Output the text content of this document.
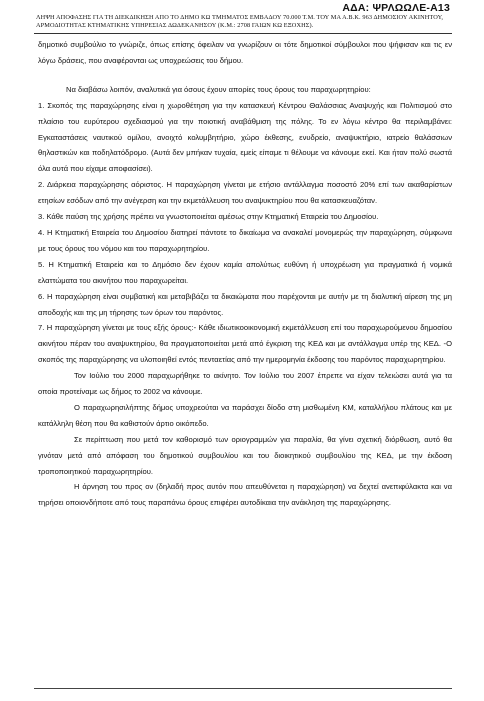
ΑΔΑ: ΨΡΛΩΩΛΕ-Α13
ΛΗΨΗ ΑΠΟΦΑΣΗΣ ΓΙΑ ΤΗ ΔΙΕΚΔΙΚΗΣΗ ΑΠΟ ΤΟ ΔΗΜΟ ΚΩ ΤΜΗΜΑΤΟΣ ΕΜΒΑΔΟΥ 70.000 Τ.Μ. ΤΟΥ ΜΑ Α.Β.Κ. 963 ΔΗΜΟΣΙΟΥ ΑΚΙΝΗΤΟΥ, ΑΡΜΟΔΙΟΤΗΤΑΣ ΚΤΗΜΑΤΙΚΗΣ ΥΠΗΡΕΣΙΑΣ ΔΩΔΕΚΑΝΗΣΟΥ (Κ.Μ.: 2708 ΓΑΙΩΝ ΚΩ ΕΞΟΧΗΣ).

δημοτικό συμβούλιο το γνώριζε, όπως επίσης όφειλαν να γνωρίζουν οι τότε δημοτικοί σύμβουλοι που ψήφισαν και τις εν λόγω δράσεις, που αναφέρονται ως υποχρεώσεις του δήμου.

Να διαβάσω λοιπόν, αναλυτικά για όσους έχουν απορίες τους όρους του παραχωρητηρίου:

1. Σκοπός της παραχώρησης είναι η χωροθέτηση για την κατασκευή Κέντρου Θαλάσσιας Αναψυχής και Πολιτισμού στο πλαίσιο του ευρύτερου σχεδιασμού για την ποιοτική αναβάθμιση της πόλης. Το εν λόγω κέντρο θα περιλαμβάνει: Εγκαταστάσεις ναυτικού ομίλου, ανοιχτό κολυμβητήριο, χώρο έκθεσης, ενυδρείο, αναψυκτήριο, ιατρείο θαλάσσιων θηλαστικών και ποδηλατόδρομο. (Αυτά δεν μπήκαν τυχαία, εμείς είπαμε τι θέλουμε να κάνουμε εκεί. Και ήταν πολύ σωστά όλα αυτά που είχαμε αποφασίσει).

2. Διάρκεια παραχώρησης αόριστος. Η παραχώρηση γίνεται με ετήσιο αντάλλαγμα ποσοστό 20% επί των ακαθαρίστων ετησίων εσόδων από την ανέγερση και την εκμετάλλευση του αναψυκτηρίου που θα κατασκευαζόταν.

3. Κάθε παύση της χρήσης πρέπει να γνωστοποιείται αμέσως στην Κτηματική Εταιρεία του Δημοσίου.

4. Η Κτηματική Εταιρεία του Δημοσίου διατηρεί πάντοτε το δικαίωμα να ανακαλεί μονομερώς την παραχώρηση, σύμφωνα με τους όρους του νόμου και του παραχωρητηρίου.

5. Η Κτηματική Εταιρεία και το Δημόσιο δεν έχουν καμία απολύτως ευθύνη ή υποχρέωση για πραγματικά ή νομικά ελαττώματα του ακινήτου που παραχωρείται.

6. Η παραχώρηση είναι συμβατική και μεταβιβάζει τα δικαιώματα που παρέχονται με αυτήν με τη διαλυτική αίρεση της μη αποδοχής και της μη τήρησης των όρων του παρόντος.

7. Η παραχώρηση γίνεται με τους εξής όρους:- Κάθε ιδιωτικοοικονομική εκμετάλλευση επί του παραχωρούμενου δημοσίου ακινήτου πέραν του αναψυκτηρίου, θα πραγματοποιείται μετά από έγκριση της ΚΕΔ και με αντάλλαγμα υπέρ της ΚΕΔ. -Ο σκοπός της παραχώρησης να υλοποιηθεί εντός πενταετίας από την ημερομηνία έκδοσης του παρόντος παραχωρητηρίου.

Τον Ιούλιο του 2000 παραχωρήθηκε το ακίνητο. Τον Ιούλιο του 2007 έπρεπε να είχαν τελειώσει αυτά για τα οποία προτείναμε ως δήμος το 2002 να κάνουμε.

Ο παραχωρησιλήπτης δήμος υποχρεούται να παράσχει δίοδο στη μισθωμένη ΚΜ, καταλλήλου πλάτους και με κατάλληλη θέση που θα καθιστούν άρτιο οικόπεδο.

Σε περίπτωση που μετά τον καθορισμό των οριογραμμών για παραλία, θα γίνει σχετική διόρθωση, αυτό θα γινόταν μετά από απόφαση του δημοτικού συμβουλίου και του διοικητικού συμβουλίου της ΚΕΔ, με την έκδοση τροποποιητικού παραχωρητηρίου.

Η άρνηση του προς ον (δηλαδή προς αυτόν που απευθύνεται η παραχώρηση) να δεχτεί ανεπιφύλακτα και να τηρήσει οποιονδήποτε από τους παραπάνω όρους επιφέρει αυτοδίκαια την ανάκληση της παραχώρησης.
